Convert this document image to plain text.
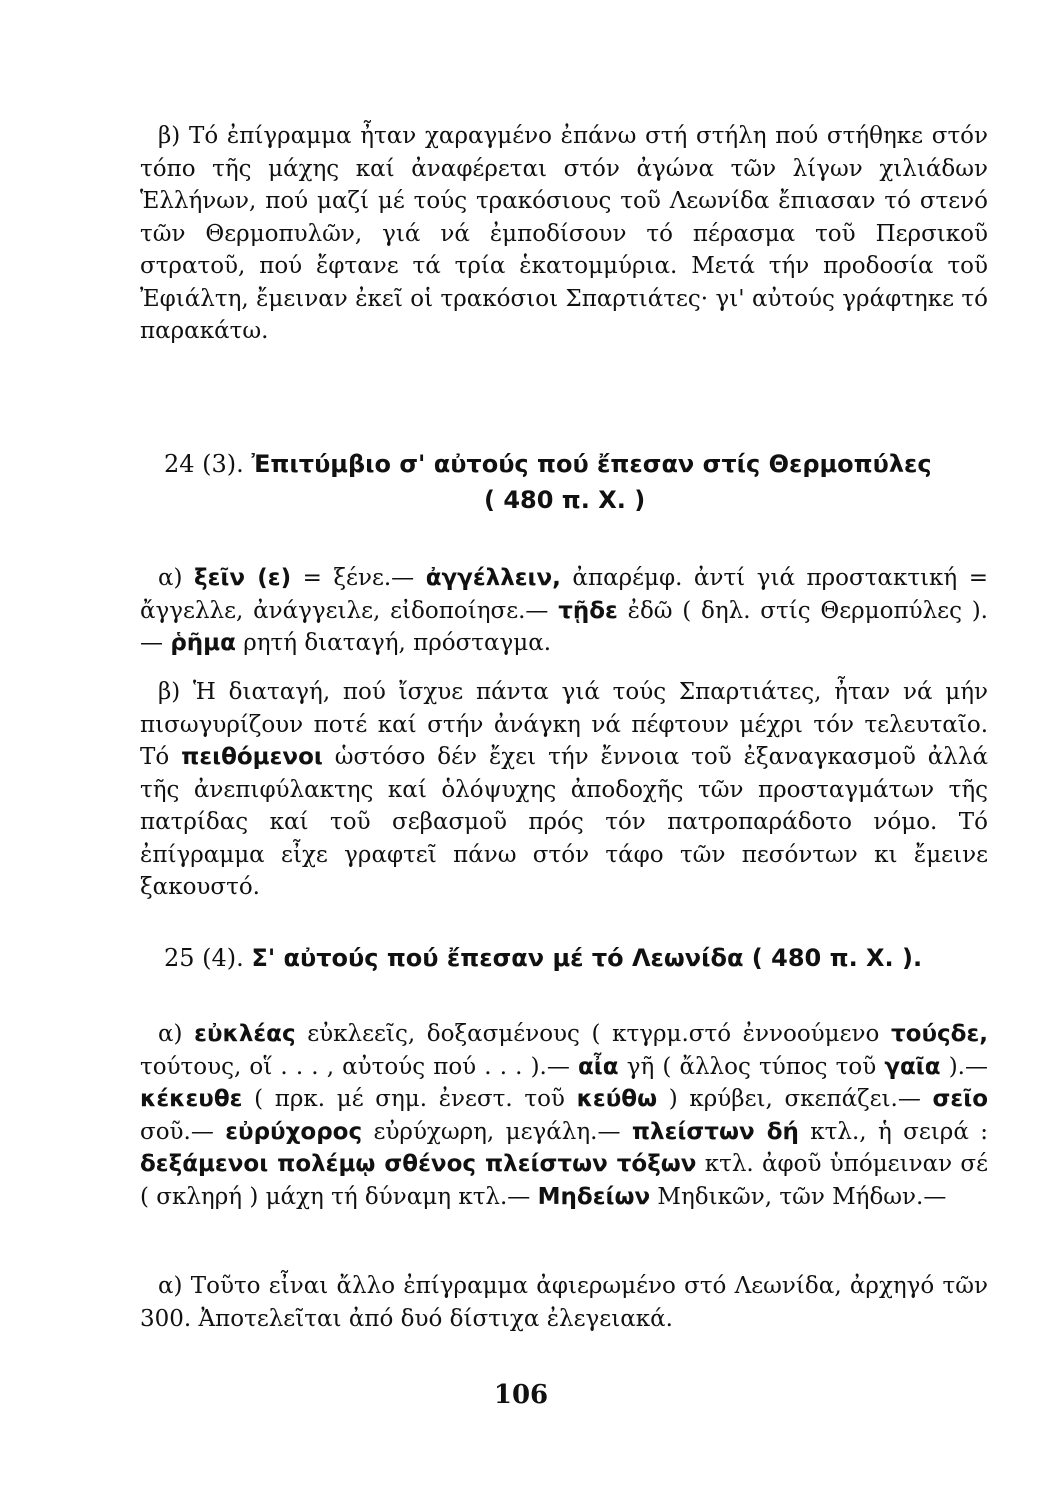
β) Τό ἐπίγραμμα ἦταν χαραγμένο ἐπάνω στή στήλη πού στήθηκε στόν τόπο τῆς μάχης καί ἀναφέρεται στόν ἀγώνα τῶν λίγων χιλιάδων Ἑλλήνων, πού μαζί μέ τούς τρακόσιους τοῦ Λεωνίδα ἔπιασαν τό στενό τῶν Θερμοπυλῶν, γιά νά ἐμποδίσουν τό πέρασμα τοῦ Περσικοῦ στρατοῦ, πού ἔφτανε τά τρία ἑκατομμύρια. Μετά τήν προδοσία τοῦ Ἐφιάλτη, ἔμειναν ἐκεῖ οἱ τρακόσιοι Σπαρτιάτες· γι' αὐτούς γράφτηκε τό παρακάτω.

24 (3). Ἐπιτύμβιο σ' αὐτούς πού ἔπεσαν στίς Θερμοπύλες
( 480 π. Χ. )

α) ξεῖν (ε) = ξένε.— ἀγγέλλειν, ἀπαρέμφ. ἀντί γιά προστακτική = ἄγγελλε, ἀνάγγειλε, εἰδοποίησε.— τῇδε ἐδῶ ( δηλ. στίς Θερμοπύλες ).— ῥῆμα ρητή διαταγή, πρόσταγμα.

β) Ἡ διαταγή, πού ἴσχυε πάντα γιά τούς Σπαρτιάτες, ἦταν νά μήν πισωγυρίζουν ποτέ καί στήν ἀνάγκη νά πέφτουν μέχρι τόν τελευταῖο. Τό πειθόμενοι ὡστόσο δέν ἔχει τήν ἔννοια τοῦ ἐξαναγκασμοῦ ἀλλά τῆς ἀνεπιφύλακτης καί ὁλόψυχης ἀποδοχῆς τῶν προσταγμάτων τῆς πατρίδας καί τοῦ σεβασμοῦ πρός τόν πατροπαράδοτο νόμο. Τό ἐπίγραμμα εἶχε γραφτεῖ πάνω στόν τάφο τῶν πεσόντων κι ἔμεινε ξακουστό.

25 (4). Σ' αὐτούς πού ἔπεσαν μέ τό Λεωνίδα ( 480 π. Χ. ).

α) εὐκλέας εὐκλεεῖς, δοξασμένους ( κτγρμ.στό ἐννοούμενο τούςδε, τούτους, οἵ . . . , αὐτούς πού . . . ).— αἶα γῆ ( ἄλλος τύπος τοῦ γαῖα ).— κέκευθε ( πρκ. μέ σημ. ἐνεστ. τοῦ κεύθω ) κρύβει, σκεπάζει.— σεῖο σοῦ.— εὐρύχορος εὐρύχωρη, μεγάλη.— πλείστων δή κτλ., ἡ σειρά : δεξάμενοι πολέμῳ σθένος πλείστων τόξων κτλ. ἀφοῦ ὑπόμειναν σέ ( σκληρή ) μάχη τή δύναμη κτλ.— Μηδείων Μηδικῶν, τῶν Μήδων.—

α) Τοῦτο εἶναι ἄλλο ἐπίγραμμα ἀφιερωμένο στό Λεωνίδα, ἀρχηγό τῶν 300. Ἀποτελεῖται ἀπό δυό δίστιχα ἐλεγειακά.

106
